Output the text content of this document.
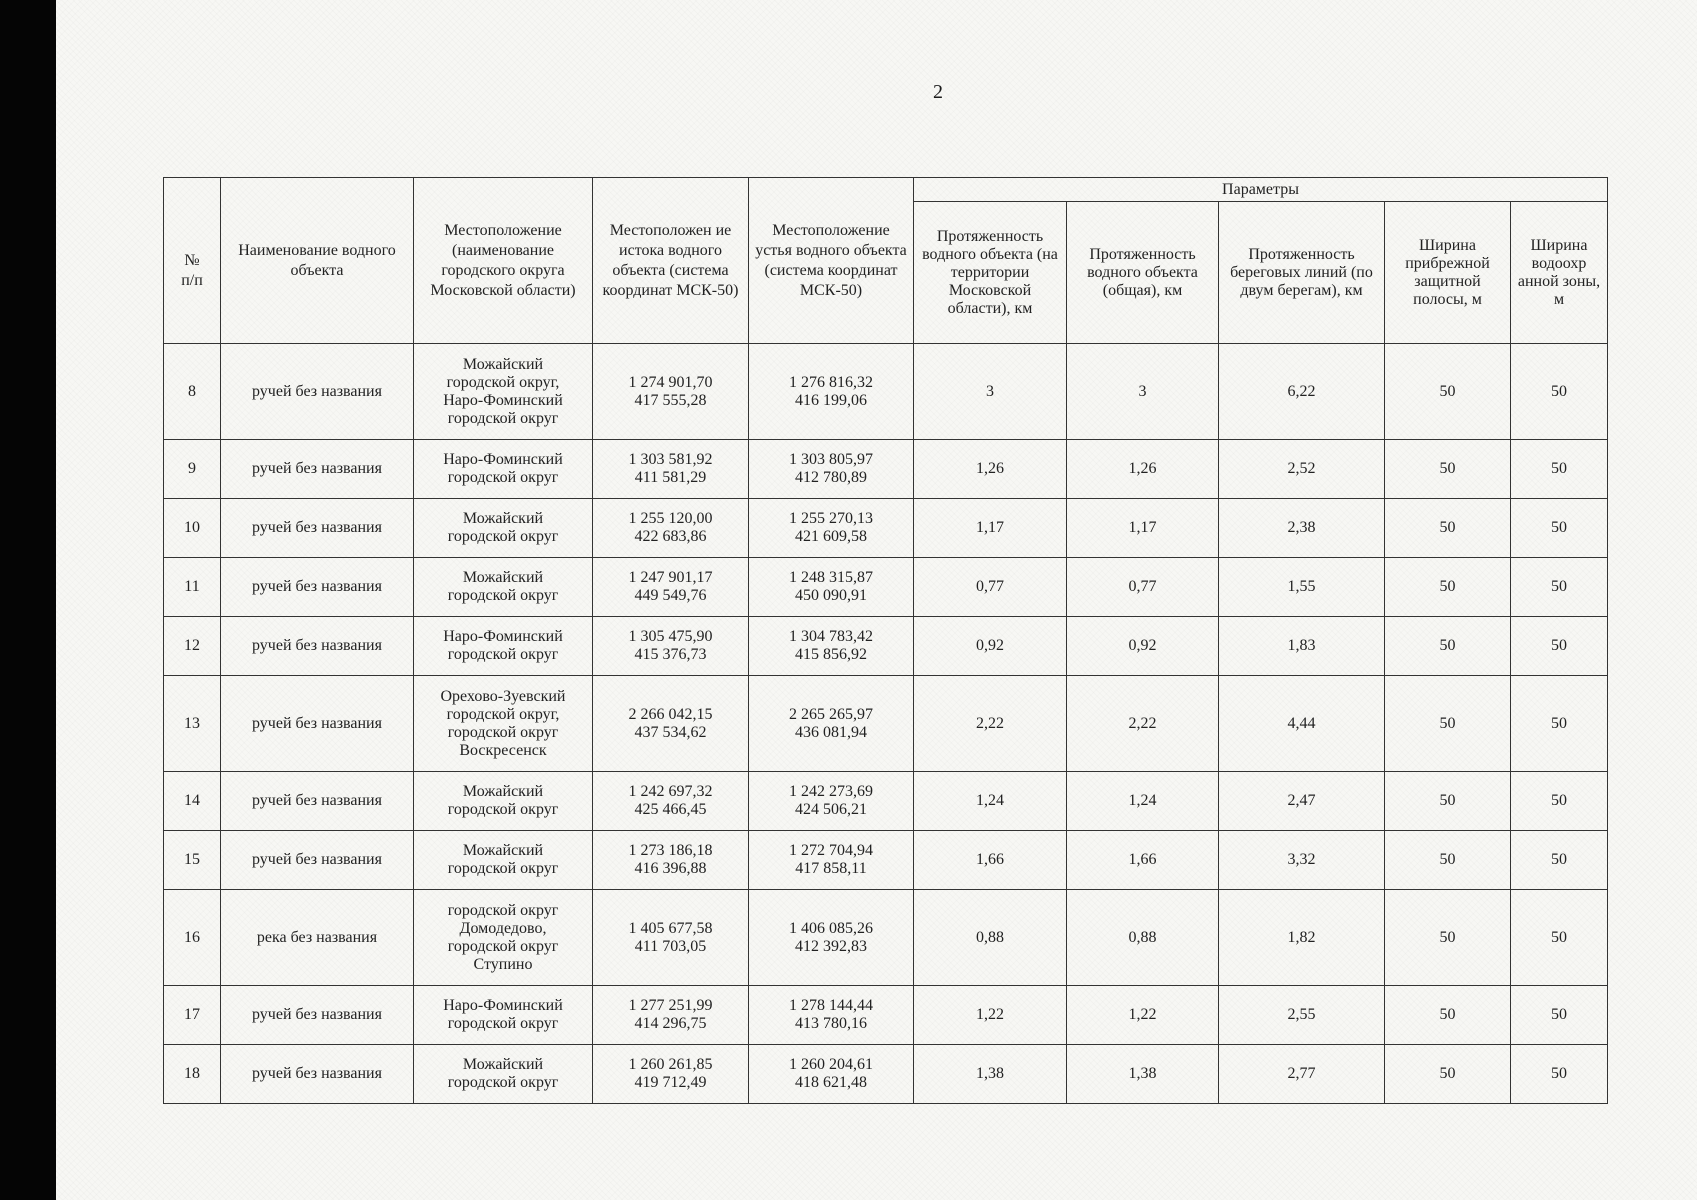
2

№
п/п	Наименование водного объекта	Местоположение (наименование городского округа Московской области)	Местоположен ие истока водного объекта (система координат МСК-50)	Местоположение устья водного объекта (система координат МСК-50)	Параметры				
					Протяженность водного объекта (на территории Московской области), км	Протяженность водного объекта (общая), км	Протяженность береговых линий (по двум берегам), км	Ширина прибрежной защитной полосы, м	Ширина водоохр анной зоны, м
8	ручей без названия	Можайский
городской округ,
Наро-Фоминский
городской округ	1 274 901,70
417 555,28	1 276 816,32
416 199,06	3	3	6,22	50	50
9	ручей без названия	Наро-Фоминский
городской округ	1 303 581,92
411 581,29	1 303 805,97
412 780,89	1,26	1,26	2,52	50	50
10	ручей без названия	Можайский
городской округ	1 255 120,00
422 683,86	1 255 270,13
421 609,58	1,17	1,17	2,38	50	50
11	ручей без названия	Можайский
городской округ	1 247 901,17
449 549,76	1 248 315,87
450 090,91	0,77	0,77	1,55	50	50
12	ручей без названия	Наро-Фоминский
городской округ	1 305 475,90
415 376,73	1 304 783,42
415 856,92	0,92	0,92	1,83	50	50
13	ручей без названия	Орехово-Зуевский
городской округ,
городской округ
Воскресенск	2 266 042,15
437 534,62	2 265 265,97
436 081,94	2,22	2,22	4,44	50	50
14	ручей без названия	Можайский
городской округ	1 242 697,32
425 466,45	1 242 273,69
424 506,21	1,24	1,24	2,47	50	50
15	ручей без названия	Можайский
городской округ	1 273 186,18
416 396,88	1 272 704,94
417 858,11	1,66	1,66	3,32	50	50
16	река без названия	городской округ
Домодедово,
городской округ
Ступино	1 405 677,58
411 703,05	1 406 085,26
412 392,83	0,88	0,88	1,82	50	50
17	ручей без названия	Наро-Фоминский
городской округ	1 277 251,99
414 296,75	1 278 144,44
413 780,16	1,22	1,22	2,55	50	50
18	ручей без названия	Можайский
городской округ	1 260 261,85
419 712,49	1 260 204,61
418 621,48	1,38	1,38	2,77	50	50
